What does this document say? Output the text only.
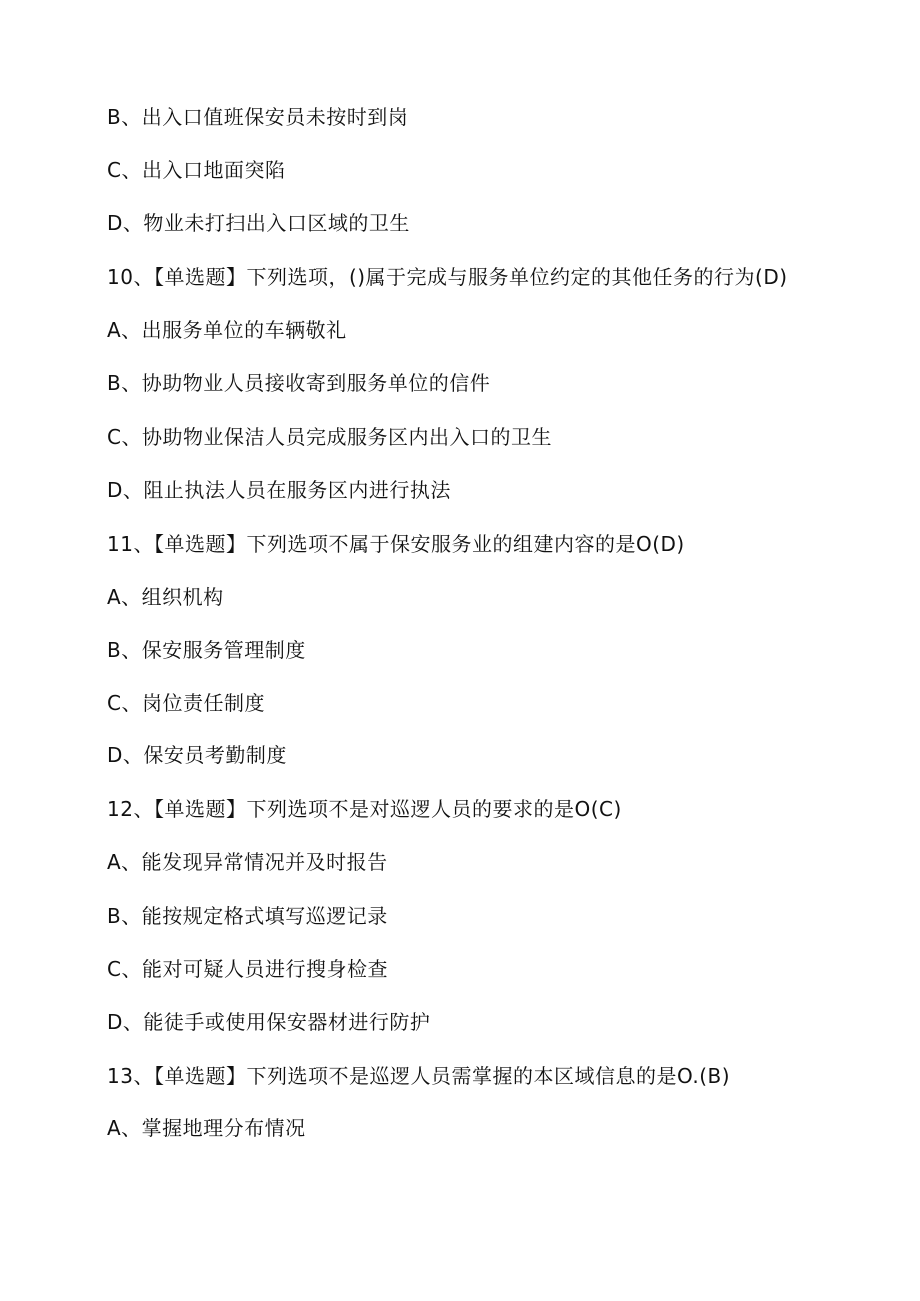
B、出入口值班保安员未按时到岗
C、出入口地面突陷
D、物业未打扫出入口区域的卫生
10、【单选题】下列选项，()属于完成与服务单位约定的其他任务的行为(D)
A、出服务单位的车辆敬礼
B、协助物业人员接收寄到服务单位的信件
C、协助物业保洁人员完成服务区内出入口的卫生
D、阻止执法人员在服务区内进行执法
11、【单选题】下列选项不属于保安服务业的组建内容的是O(D)
A、组织机构
B、保安服务管理制度
C、岗位责任制度
D、保安员考勤制度
12、【单选题】下列选项不是对巡逻人员的要求的是O(C)
A、能发现异常情况并及时报告
B、能按规定格式填写巡逻记录
C、能对可疑人员进行搜身检查
D、能徒手或使用保安器材进行防护
13、【单选题】下列选项不是巡逻人员需掌握的本区域信息的是O.(B)
A、掌握地理分布情况
